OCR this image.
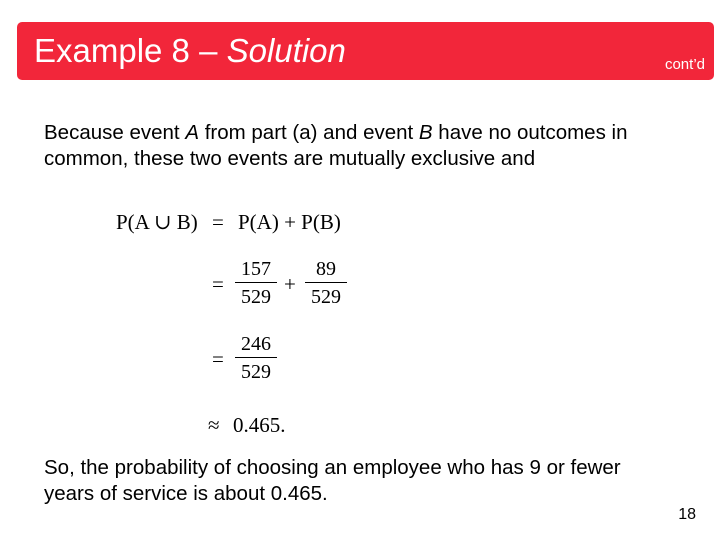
Example 8 – Solution	cont’d
Because event A from part (a) and event B have no outcomes in common, these two events are mutually exclusive and
P(A ∪ B) = P(A) + P(B)
= $\frac{157}{529} + \frac{89}{529}$
= $\frac{246}{529}$
≈ 0.465.
So, the probability of choosing an employee who has 9 or fewer years of service is about 0.465.
18
